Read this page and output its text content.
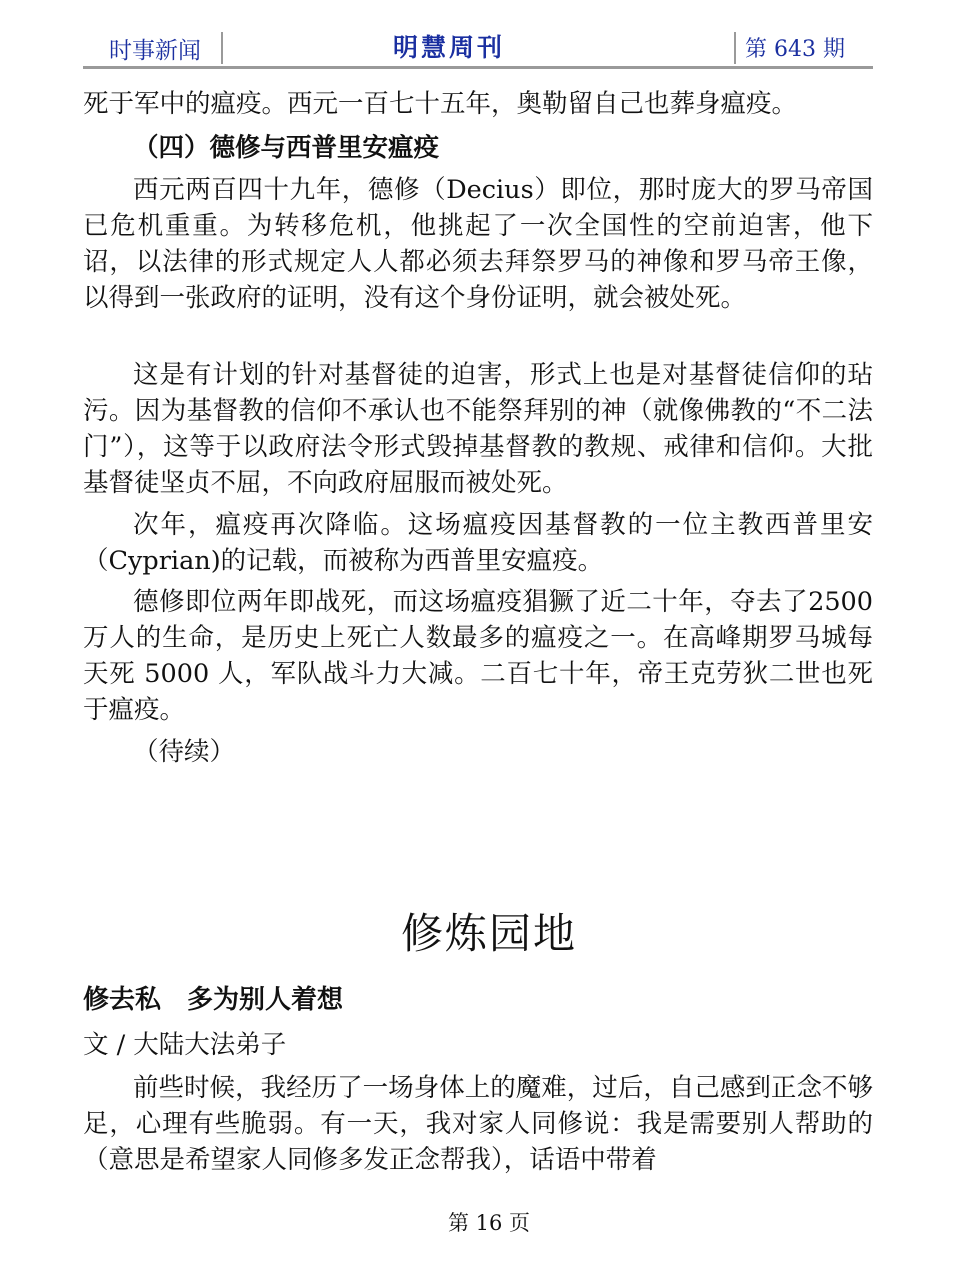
时事新闻	明慧周刊	第 643 期

死于军中的瘟疫。西元一百七十五年，奥勒留自己也葬身瘟疫。

（四）德修与西普里安瘟疫

西元两百四十九年，德修（Decius）即位，那时庞大的罗马帝国已危机重重。为转移危机，他挑起了一次全国性的空前迫害，他下诏，以法律的形式规定人人都必须去拜祭罗马的神像和罗马帝王像，以得到一张政府的证明，没有这个身份证明，就会被处死。

这是有计划的针对基督徒的迫害，形式上也是对基督徒信仰的玷污。因为基督教的信仰不承认也不能祭拜别的神（就像佛教的“不二法门”），这等于以政府法令形式毁掉基督教的教规、戒律和信仰。大批基督徒坚贞不屈，不向政府屈服而被处死。

次年，瘟疫再次降临。这场瘟疫因基督教的一位主教西普里安（Cyprian)的记载，而被称为西普里安瘟疫。

德修即位两年即战死，而这场瘟疫猖獗了近二十年，夺去了2500 万人的生命，是历史上死亡人数最多的瘟疫之一。在高峰期罗马城每天死 5000 人，军队战斗力大减。二百七十年，帝王克劳狄二世也死于瘟疫。

（待续）

修炼园地
修去私　多为别人着想
文 / 大陆大法弟子

前些时候，我经历了一场身体上的魔难，过后，自己感到正念不够足，心理有些脆弱。有一天，我对家人同修说：我是需要别人帮助的（意思是希望家人同修多发正念帮我），话语中带着

第 16 页
